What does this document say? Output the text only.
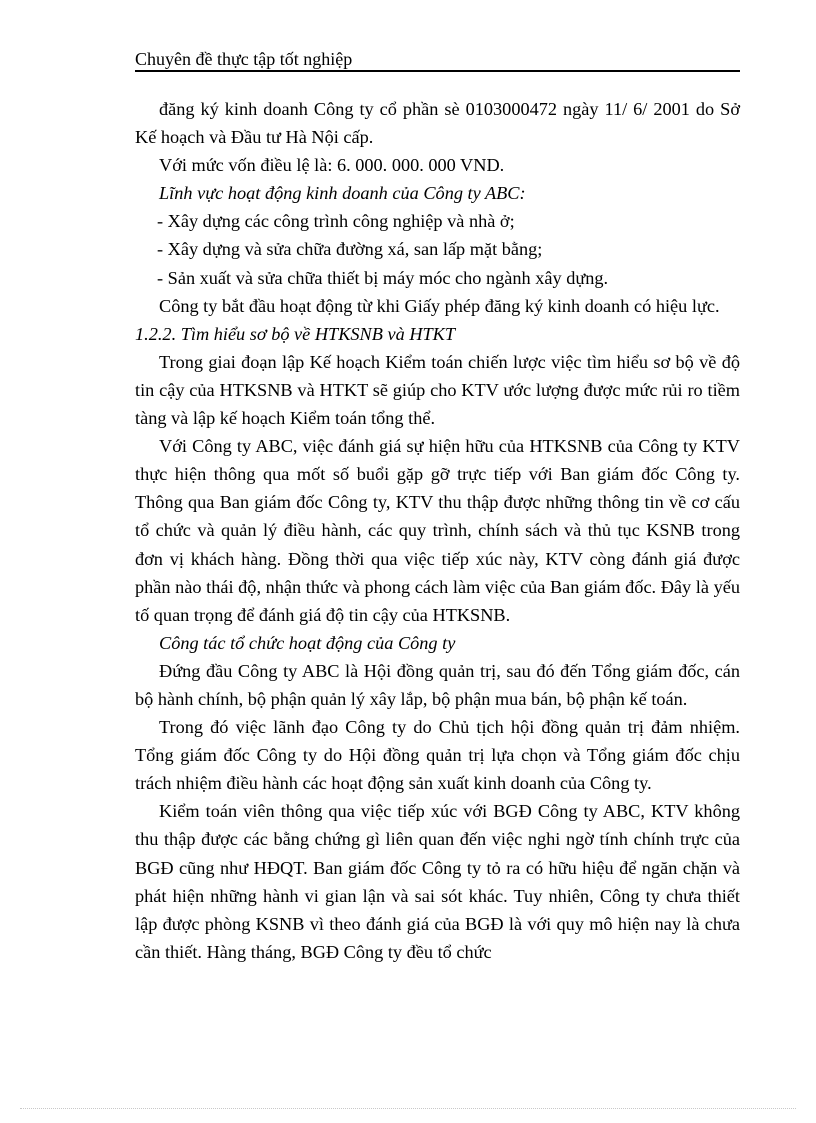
Chuyên đề thực tập tốt nghiệp

đăng ký kinh doanh Công ty cổ phần sè 0103000472 ngày 11/ 6/ 2001 do Sở Kế hoạch và Đầu tư Hà Nội cấp.

Với mức vốn điều lệ là: 6. 000. 000. 000 VND.

Lĩnh vực hoạt động kinh doanh của Công ty ABC:

- Xây dựng các công trình công nghiệp và nhà ở;

- Xây dựng và sửa chữa đường xá, san lấp mặt bằng;

- Sản xuất và sửa chữa thiết bị máy móc cho ngành xây dựng.

Công ty bắt đầu hoạt động từ khi Giấy phép đăng ký kinh doanh có hiệu lực.

1.2.2. Tìm hiểu sơ bộ về HTKSNB và HTKT

Trong giai đoạn lập Kế hoạch Kiểm toán chiến lược việc tìm hiểu sơ bộ về độ tin cậy của HTKSNB và HTKT sẽ giúp cho KTV ước lượng được mức rủi ro tiềm tàng và lập kế hoạch Kiểm toán tổng thể.

Với Công ty ABC, việc đánh giá sự hiện hữu của HTKSNB của Công ty KTV thực hiện thông qua mốt số buổi gặp gỡ trực tiếp với Ban giám đốc Công ty. Thông qua Ban giám đốc Công ty, KTV thu thập được những thông tin về cơ cấu tổ chức và quản lý điều hành, các quy trình, chính sách và thủ tục KSNB trong đơn vị khách hàng. Đồng thời qua việc tiếp xúc này, KTV còng đánh giá được phần nào thái độ, nhận thức và phong cách làm việc của Ban giám đốc. Đây là yếu tố quan trọng để đánh giá độ tin cậy của HTKSNB.

Công tác tổ chức hoạt động của Công ty

Đứng đầu Công ty ABC là Hội đồng quản trị, sau đó đến Tổng giám đốc, cán bộ hành chính, bộ phận quản lý xây lắp, bộ phận mua bán, bộ phận kế toán.

Trong đó việc lãnh đạo Công ty do Chủ tịch hội đồng quản trị đảm nhiệm. Tổng giám đốc Công ty do Hội đồng quản trị lựa chọn và Tổng giám đốc chịu trách nhiệm điều hành các hoạt động sản xuất kinh doanh của Công ty.

Kiểm toán viên thông qua việc tiếp xúc với BGĐ Công ty ABC, KTV không thu thập được các bằng chứng gì liên quan đến việc nghi ngờ tính chính trực của BGĐ cũng như HĐQT. Ban giám đốc Công ty tỏ ra có hữu hiệu để ngăn chặn và phát hiện những hành vi gian lận và sai sót khác. Tuy nhiên, Công ty chưa thiết lập được phòng KSNB vì theo đánh giá của BGĐ là với quy mô hiện nay là chưa cần thiết. Hàng tháng, BGĐ Công ty đều tổ chức
